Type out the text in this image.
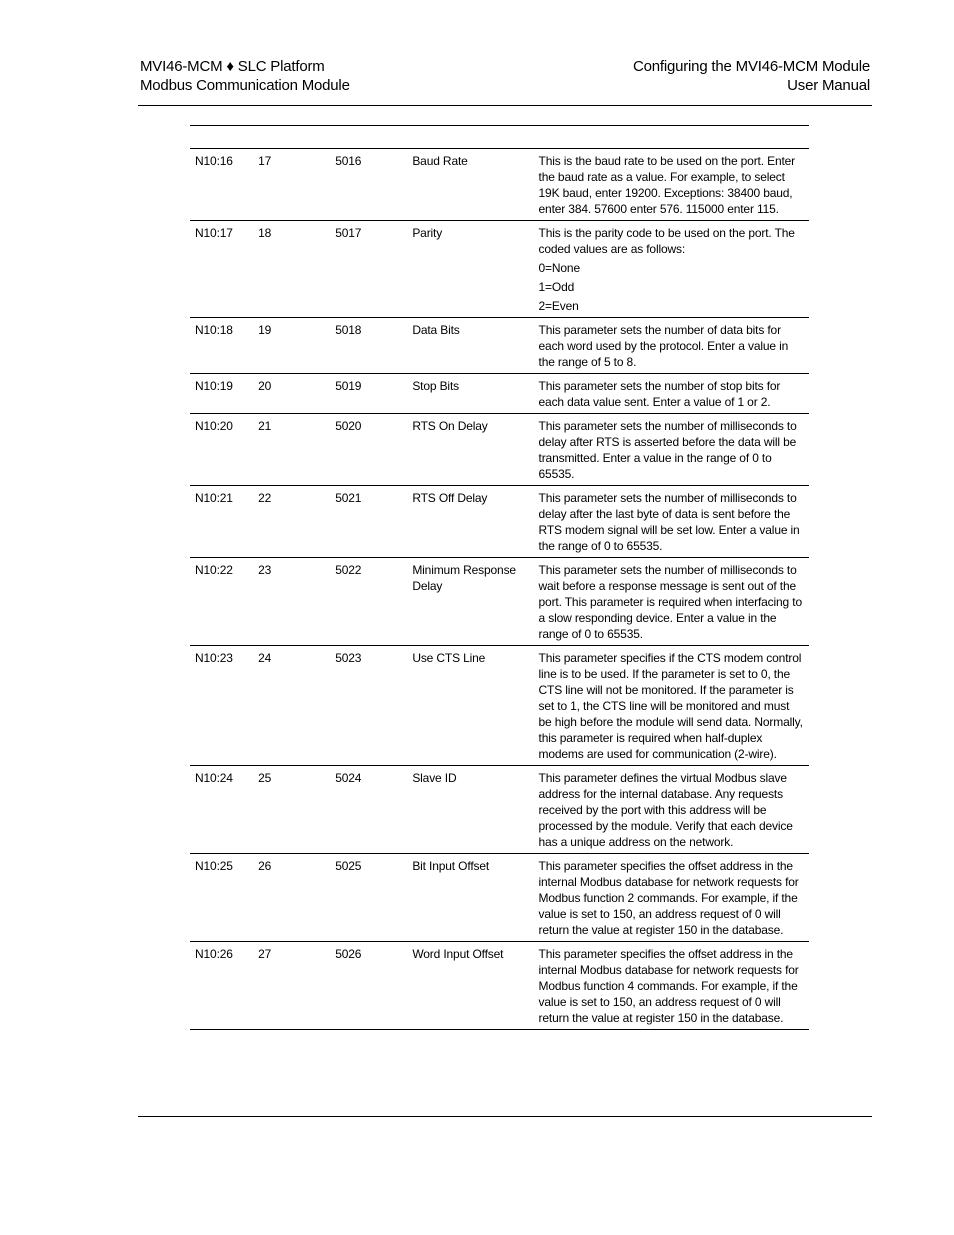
MVI46-MCM ♦ SLC Platform
Modbus Communication Module
Configuring the MVI46-MCM Module
User Manual
N10:16	17	5016	Baud Rate	This is the baud rate to be used on the port. Enter the baud rate as a value. For example, to select 19K baud, enter 19200. Exceptions: 38400 baud, enter 384. 57600 enter 576. 115000 enter 115.
N10:17	18	5017	Parity	This is the parity code to be used on the port. The coded values are as follows:
0=None
1=Odd
2=Even

N10:18	19	5018	Data Bits	This parameter sets the number of data bits for each word used by the protocol. Enter a value in the range of 5 to 8.
N10:19	20	5019	Stop Bits	This parameter sets the number of stop bits for each data value sent. Enter a value of 1 or 2.
N10:20	21	5020	RTS On Delay	This parameter sets the number of milliseconds to delay after RTS is asserted before the data will be transmitted. Enter a value in the range of 0 to 65535.
N10:21	22	5021	RTS Off Delay	This parameter sets the number of milliseconds to delay after the last byte of data is sent before the RTS modem signal will be set low. Enter a value in the range of 0 to 65535.
N10:22	23	5022	Minimum Response Delay	This parameter sets the number of milliseconds to wait before a response message is sent out of the port. This parameter is required when interfacing to a slow responding device. Enter a value in the range of 0 to 65535.
N10:23	24	5023	Use CTS Line	This parameter specifies if the CTS modem control line is to be used. If the parameter is set to 0, the CTS line will not be monitored. If the parameter is set to 1, the CTS line will be monitored and must be high before the module will send data. Normally, this parameter is required when half-duplex modems are used for communication (2-wire).
N10:24	25	5024	Slave ID	This parameter defines the virtual Modbus slave address for the internal database. Any requests received by the port with this address will be processed by the module. Verify that each device has a unique address on the network.
N10:25	26	5025	Bit Input Offset	This parameter specifies the offset address in the internal Modbus database for network requests for Modbus function 2 commands. For example, if the value is set to 150, an address request of 0 will return the value at register 150 in the database.
N10:26	27	5026	Word Input Offset	This parameter specifies the offset address in the internal Modbus database for network requests for Modbus function 4 commands. For example, if the value is set to 150, an address request of 0 will return the value at register 150 in the database.
